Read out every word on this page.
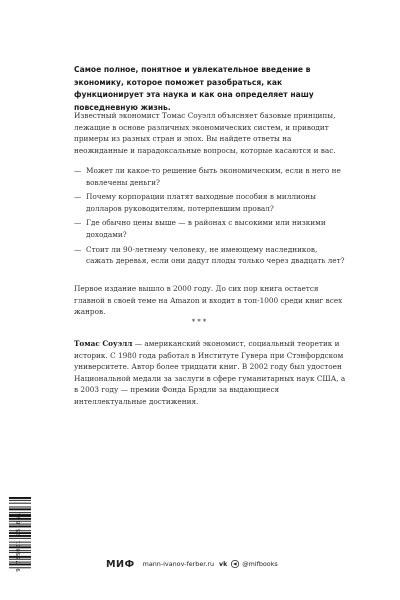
Самое полное, понятное и увлекательное введение в экономику, которое поможет разобраться, как функционирует эта наука и как она определяет нашу повседневную жизнь.
Известный экономист Томас Соуэлл объясняет базовые принципы, лежащие в основе различных экономических систем, и приводит примеры из разных стран и эпох. Вы найдете ответы на неожиданные и парадоксальные вопросы, которые касаются и вас.
— Может ли какое-то решение быть экономическим, если в него не вовлечены деньги?
— Почему корпорации платят выходные пособия в миллионы долларов руководителям, потерпевшим провал?
— Где обычно цены выше — в районах с высокими или низкими доходами?
— Стоит ли 90-летнему человеку, не имеющему наследников, сажать деревья, если они дадут плоды только через двадцать лет?
Первое издание вышло в 2000 году. До сих пор книга остается главной в своей теме на Amazon и входит в топ-1000 среди книг всех жанров.
***
Томас Соуэлл — американский экономист, социальный теоретик и историк. С 1980 года работал в Институте Гувера при Стэнфордском университете. Автор более тридцати книг. В 2002 году был удостоен Национальной медали за заслуги в сфере гуманитарных наук США, а в 2003 году — премии Фонда Брэдли за выдающиеся интеллектуальные достижения.
9 785001 951661	МИФ mann-ivanov-ferber.ru vk @mifbooks
